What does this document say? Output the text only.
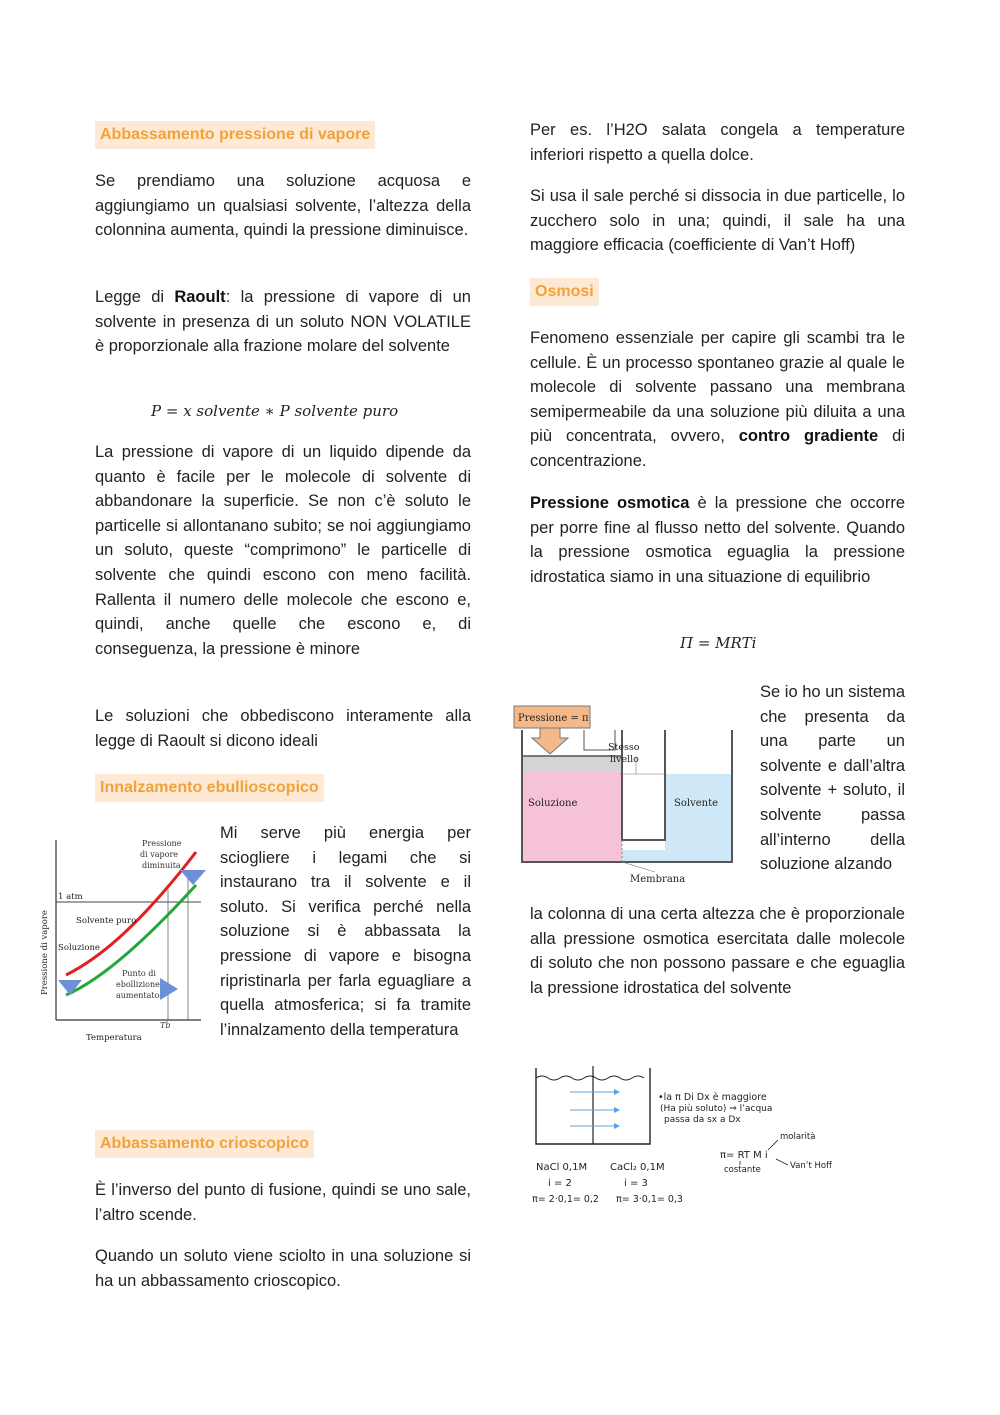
Abbassamento pressione di vapore

Se prendiamo una soluzione acquosa e aggiungiamo un qualsiasi solvente, l’altezza della colonnina aumenta, quindi la pressione diminuisce.

Legge di Raoult: la pressione di vapore di un solvente in presenza di un soluto NON VOLATILE è proporzionale alla frazione molare del solvente

P = x solvente ∗ P solvente puro

La pressione di vapore di un liquido dipende da quanto è facile per le molecole di solvente di abbandonare la superficie. Se non c’è soluto le particelle si allontanano subito; se noi aggiungiamo un soluto, queste “comprimono” le particelle di solvente che quindi escono con meno facilità. Rallenta il numero delle molecole che escono e, quindi, anche quelle che escono e, di conseguenza, la pressione è minore

Le soluzioni che obbediscono interamente alla legge di Raoult si dicono ideali

Innalzamento ebullioscopico
1 atm
Solvente puro
Soluzione
Pressione
di vapore
diminuita
Punto di
ebollizione
aumentato
Tb
Temperatura
Pressione di vapore

Mi serve più energia per sciogliere i legami che si instaurano tra il solvente e il soluto. Si verifica perché nella soluzione si è abbassata la pressione di vapore e bisogna ripristinarla per farla eguagliare a quella atmosferica; si fa tramite l’innalzamento della temperatura

Abbassamento crioscopico

È l’inverso del punto di fusione, quindi se uno sale, l’altro scende.

Quando un soluto viene sciolto in una soluzione si ha un abbassamento crioscopico.

Per es. l’H2O salata congela a temperature inferiori rispetto a quella dolce.

Si usa il sale perché si dissocia in due particelle, lo zucchero solo in una; quindi, il sale ha una maggiore efficacia (coefficiente di Van’t Hoff)

Osmosi

Fenomeno essenziale per capire gli scambi tra le cellule. È un processo spontaneo grazie al quale le molecole di solvente passano una membrana semipermeabile da una soluzione più diluita a una più concentrata, ovvero, contro gradiente di concentrazione.

Pressione osmotica è la pressione che occorre per porre fine al flusso netto del solvente. Quando la pressione osmotica eguaglia la pressione idrostatica siamo in una situazione di equilibrio

Π = MRTi
Pressione = π
Stesso
livello
Soluzione	Solvente
Membrana

Se io ho un sistema che presenta da una parte un solvente e dall’altra solvente + soluto, il solvente passa all’interno della soluzione alzando

la colonna di una certa altezza che è proporzionale alla pressione osmotica esercitata dalle molecole di soluto che non possono passare e che eguaglia la pressione idrostatica del solvente

•la π Di Dx è maggiore
(Ha più soluto) ⇒ l’acqua
passa da sx a Dx
NaCl 0,1M
i = 2
π= 2·0,1= 0,2
CaCl₂ 0,1M
i = 3
π= 3·0,1= 0,3
π= RT M i
molarità
costante	Van’t Hoff
